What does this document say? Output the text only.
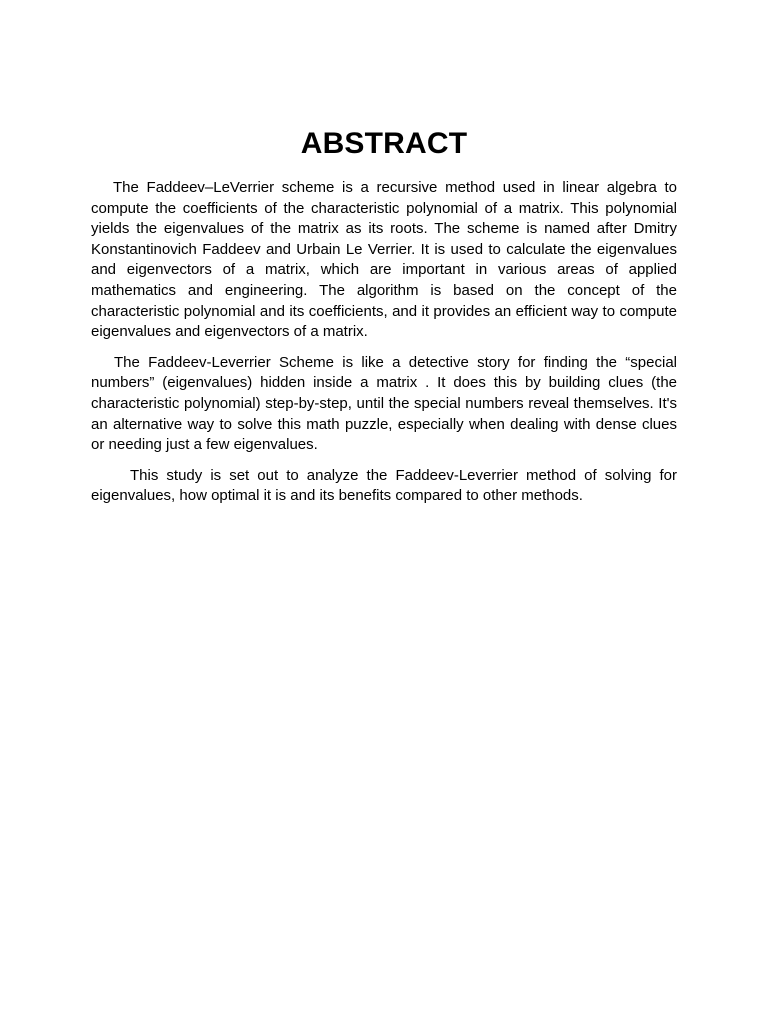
ABSTRACT

The Faddeev–LeVerrier scheme is a recursive method used in linear algebra to compute the coefficients of the characteristic polynomial of a matrix. This polynomial yields the eigenvalues of the matrix as its roots. The scheme is named after Dmitry Konstantinovich Faddeev and Urbain Le Verrier. It is used to calculate the eigenvalues and eigenvectors of a matrix, which are important in various areas of applied mathematics and engineering. The algorithm is based on the concept of the characteristic polynomial and its coefficients, and it provides an efficient way to compute eigenvalues and eigenvectors of a matrix.

The Faddeev-Leverrier Scheme is like a detective story for finding the “special numbers” (eigenvalues) hidden inside a matrix . It does this by building clues (the characteristic polynomial) step-by-step, until the special numbers reveal themselves. It's an alternative way to solve this math puzzle, especially when dealing with dense clues or needing just a few eigenvalues.

This study is set out to analyze the Faddeev-Leverrier method of solving for eigenvalues, how optimal it is and its benefits compared to other methods.
